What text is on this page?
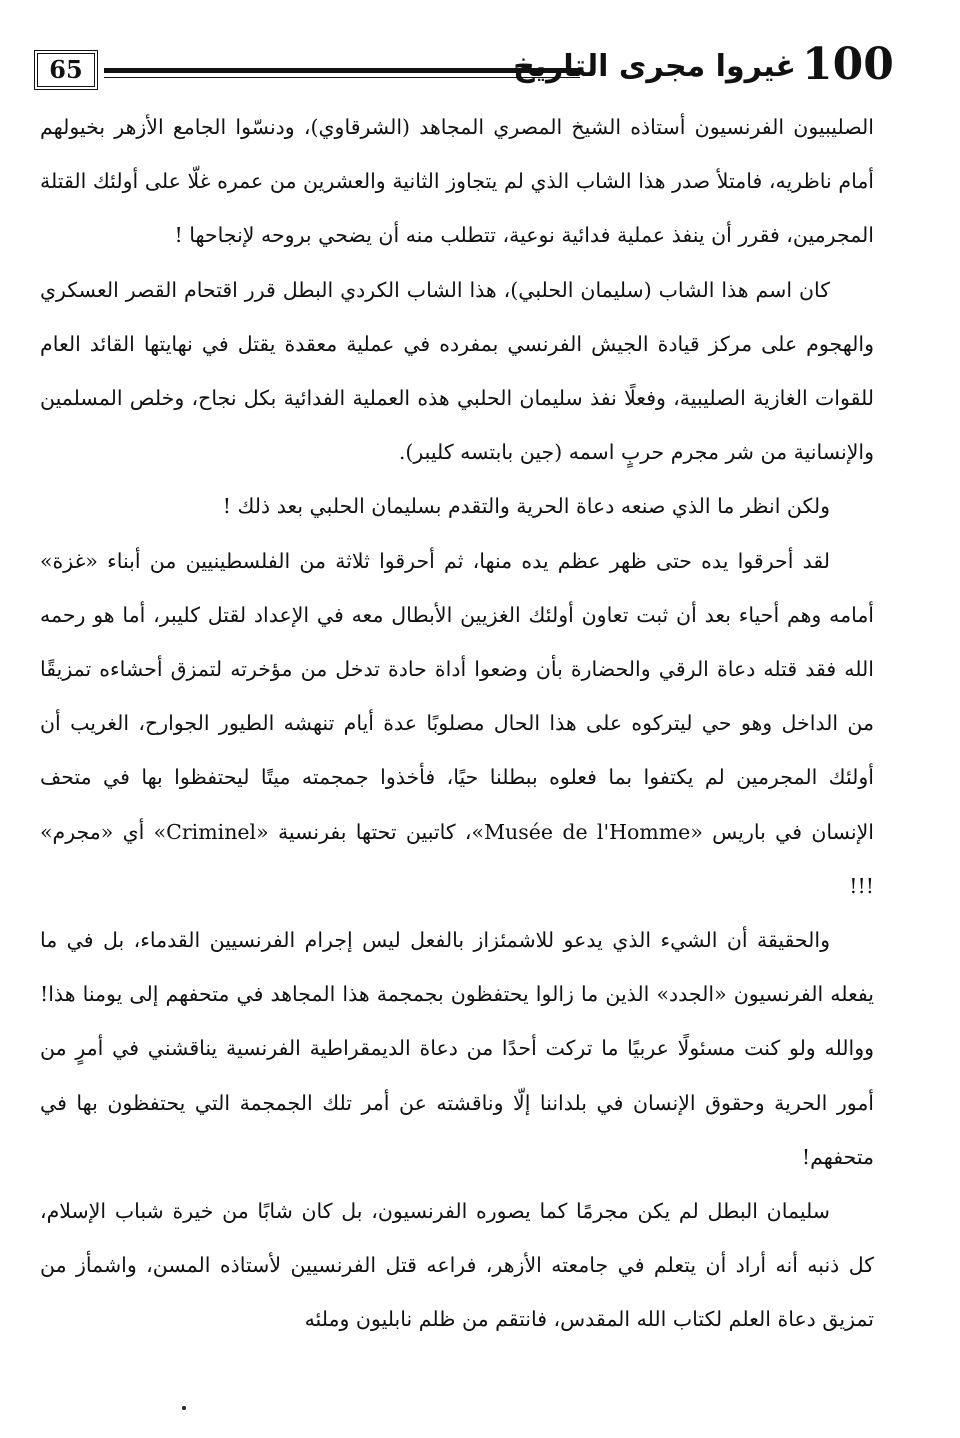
65	غيروا مجرى التاريخ 100

الصليبيون الفرنسيون أستاذه الشيخ المصري المجاهد (الشرقاوي)، ودنسّوا الجامع الأزهر بخيولهم أمام ناظريه، فامتلأ صدر هذا الشاب الذي لم يتجاوز الثانية والعشرين من عمره غلّا على أولئك القتلة المجرمين، فقرر أن ينفذ عملية فدائية نوعية، تتطلب منه أن يضحي بروحه لإنجاحها !

كان اسم هذا الشاب (سليمان الحلبي)، هذا الشاب الكردي البطل قرر اقتحام القصر العسكري والهجوم على مركز قيادة الجيش الفرنسي بمفرده في عملية معقدة يقتل في نهايتها القائد العام للقوات الغازية الصليبية، وفعلًا نفذ سليمان الحلبي هذه العملية الفدائية بكل نجاح، وخلص المسلمين والإنسانية من شر مجرم حربٍ اسمه (جين بابتسه كليبر).

ولكن انظر ما الذي صنعه دعاة الحرية والتقدم بسليمان الحلبي بعد ذلك !

لقد أحرقوا يده حتى ظهر عظم يده منها، ثم أحرقوا ثلاثة من الفلسطينيين من أبناء «غزة» أمامه وهم أحياء بعد أن ثبت تعاون أولئك الغزيين الأبطال معه في الإعداد لقتل كليبر، أما هو رحمه الله فقد قتله دعاة الرقي والحضارة بأن وضعوا أداة حادة تدخل من مؤخرته لتمزق أحشاءه تمزيقًا من الداخل وهو حي ليتركوه على هذا الحال مصلوبًا عدة أيام تنهشه الطيور الجوارح، الغريب أن أولئك المجرمين لم يكتفوا بما فعلوه ببطلنا حيًا، فأخذوا جمجمته ميتًا ليحتفظوا بها في متحف الإنسان في باريس «Musée de l'Homme»، كاتبين تحتها بفرنسية «Criminel» أي «مجرم» !!!

والحقيقة أن الشيء الذي يدعو للاشمئزاز بالفعل ليس إجرام الفرنسيين القدماء، بل في ما يفعله الفرنسيون «الجدد» الذين ما زالوا يحتفظون بجمجمة هذا المجاهد في متحفهم إلى يومنا هذا! ووالله ولو كنت مسئولًا عربيًا ما تركت أحدًا من دعاة الديمقراطية الفرنسية يناقشني في أمرٍ من أمور الحرية وحقوق الإنسان في بلداننا إلّا وناقشته عن أمر تلك الجمجمة التي يحتفظون بها في متحفهم!

سليمان البطل لم يكن مجرمًا كما يصوره الفرنسيون، بل كان شابًا من خيرة شباب الإسلام، كل ذنبه أنه أراد أن يتعلم في جامعته الأزهر، فراعه قتل الفرنسيين لأستاذه المسن، واشمأز من تمزيق دعاة العلم لكتاب الله المقدس، فانتقم من ظلم نابليون وملئه
